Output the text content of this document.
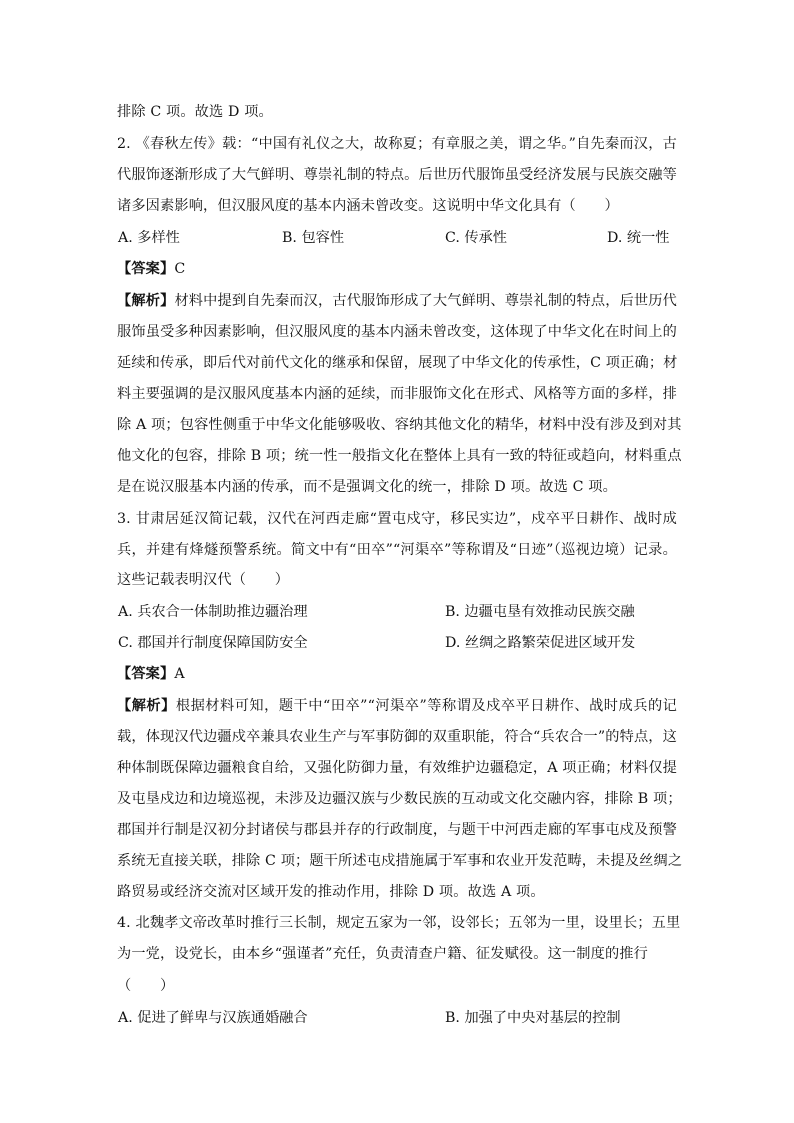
排除 C 项。故选 D 项。
2. 《春秋左传》载：“中国有礼仪之大，故称夏；有章服之美，谓之华。”自先秦而汉，古
代服饰逐渐形成了大气鲜明、尊崇礼制的特点。后世历代服饰虽受经济发展与民族交融等
诸多因素影响，但汉服风度的基本内涵未曾改变。这说明中华文化具有（　　）
A. 多样性	B. 包容性	C. 传承性	D. 统一性
【答案】C
【解析】材料中提到自先秦而汉，古代服饰形成了大气鲜明、尊崇礼制的特点，后世历代
服饰虽受多种因素影响，但汉服风度的基本内涵未曾改变，这体现了中华文化在时间上的
延续和传承，即后代对前代文化的继承和保留，展现了中华文化的传承性，C 项正确；材
料主要强调的是汉服风度基本内涵的延续，而非服饰文化在形式、风格等方面的多样，排
除 A 项；包容性侧重于中华文化能够吸收、容纳其他文化的精华，材料中没有涉及到对其
他文化的包容，排除 B 项；统一性一般指文化在整体上具有一致的特征或趋向，材料重点
是在说汉服基本内涵的传承，而不是强调文化的统一，排除 D 项。故选 C 项。
3. 甘肃居延汉简记载，汉代在河西走廊“置屯戍守，移民实边”，戍卒平日耕作、战时成
兵，并建有烽燧预警系统。简文中有“田卒”“河渠卒”等称谓及“日迹”（巡视边境）记录。
这些记载表明汉代（　　）
A. 兵农合一体制助推边疆治理	B. 边疆屯垦有效推动民族交融
C. 郡国并行制度保障国防安全	D. 丝绸之路繁荣促进区域开发
【答案】A
【解析】根据材料可知，题干中“田卒”“河渠卒”等称谓及戍卒平日耕作、战时成兵的记
载，体现汉代边疆戍卒兼具农业生产与军事防御的双重职能，符合“兵农合一”的特点，这
种体制既保障边疆粮食自给，又强化防御力量，有效维护边疆稳定，A 项正确；材料仅提
及屯垦戍边和边境巡视，未涉及边疆汉族与少数民族的互动或文化交融内容，排除 B 项；
郡国并行制是汉初分封诸侯与郡县并存的行政制度，与题干中河西走廊的军事屯戍及预警
系统无直接关联，排除 C 项；题干所述屯戍措施属于军事和农业开发范畴，未提及丝绸之
路贸易或经济交流对区域开发的推动作用，排除 D 项。故选 A 项。
4. 北魏孝文帝改革时推行三长制，规定五家为一邻，设邻长；五邻为一里，设里长；五里
为一党，设党长，由本乡“强谨者”充任，负责清查户籍、征发赋役。这一制度的推行
（　　）
A. 促进了鲜卑与汉族通婚融合	B. 加强了中央对基层的控制
